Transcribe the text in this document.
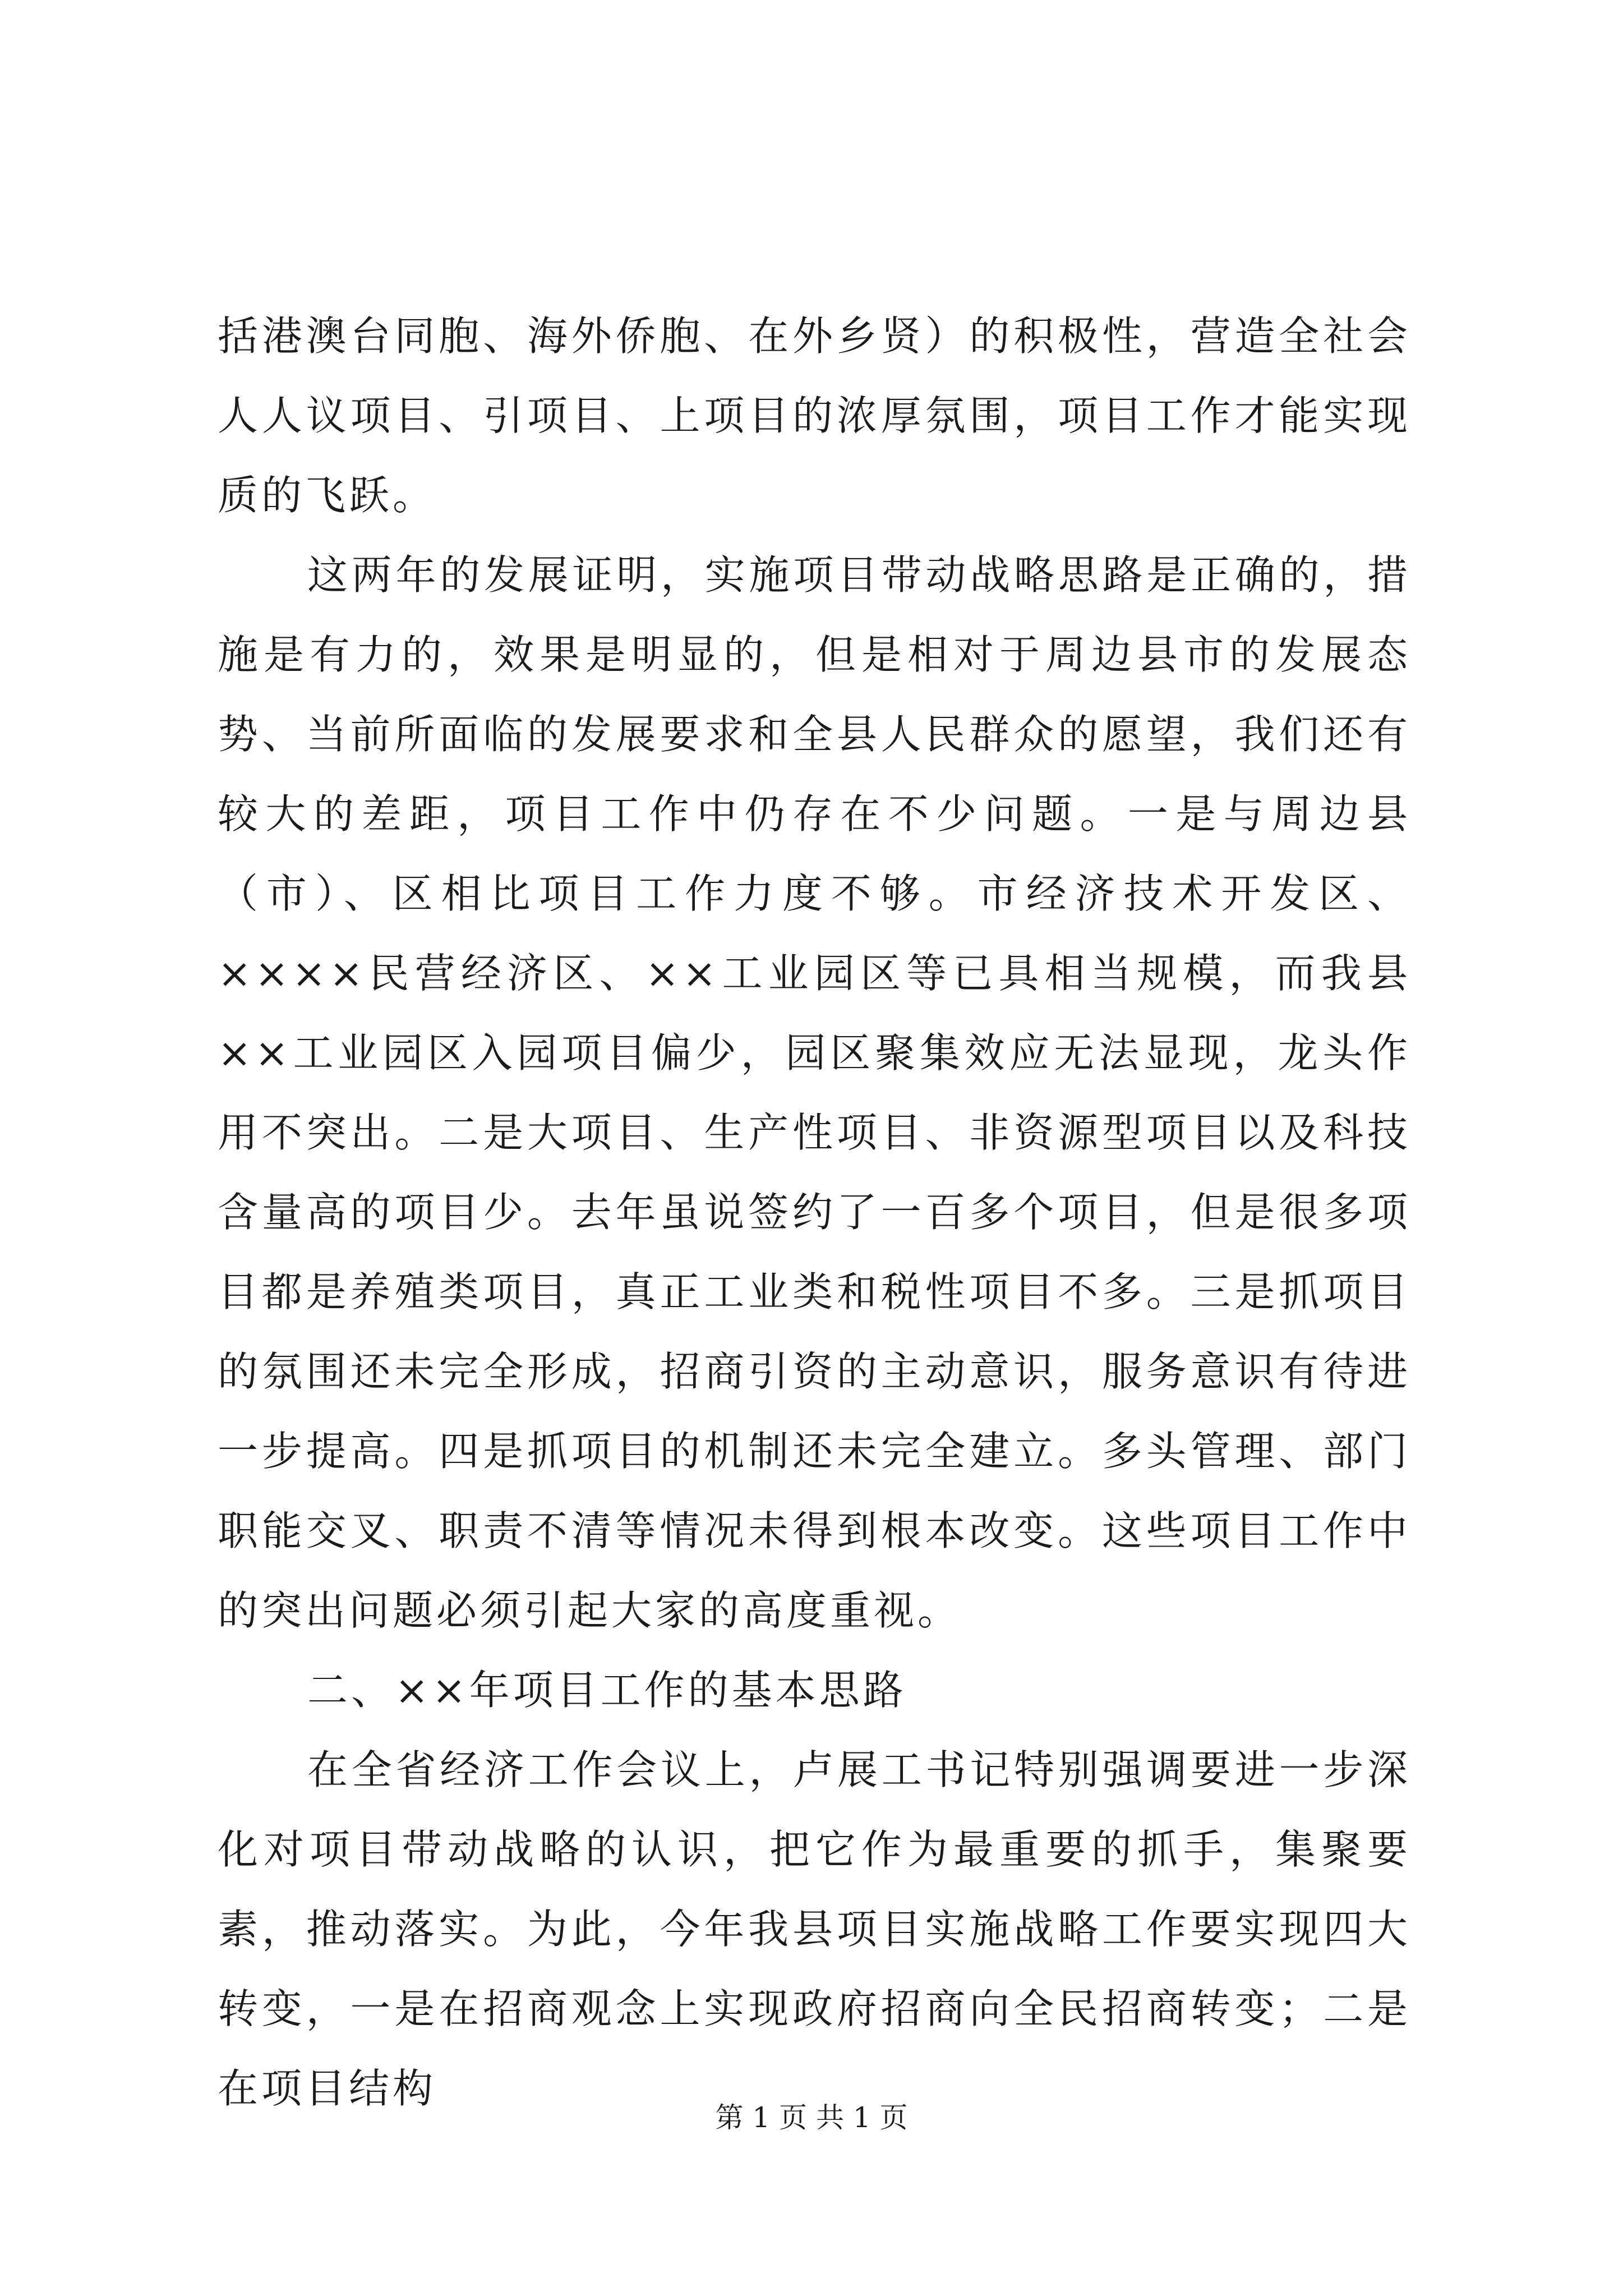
括港澳台同胞、海外侨胞、在外乡贤）的积极性，营造全社会人人议项目、引项目、上项目的浓厚氛围，项目工作才能实现质的飞跃。

这两年的发展证明，实施项目带动战略思路是正确的，措施是有力的，效果是明显的，但是相对于周边县市的发展态势、当前所面临的发展要求和全县人民群众的愿望，我们还有较大的差距，项目工作中仍存在不少问题。一是与周边县（市）、区相比项目工作力度不够。市经济技术开发区、××××民营经济区、××工业园区等已具相当规模，而我县××工业园区入园项目偏少，园区聚集效应无法显现，龙头作用不突出。二是大项目、生产性项目、非资源型项目以及科技含量高的项目少。去年虽说签约了一百多个项目，但是很多项目都是养殖类项目，真正工业类和税性项目不多。三是抓项目的氛围还未完全形成，招商引资的主动意识，服务意识有待进一步提高。四是抓项目的机制还未完全建立。多头管理、部门职能交叉、职责不清等情况未得到根本改变。这些项目工作中的突出问题必须引起大家的高度重视。

二、××年项目工作的基本思路

在全省经济工作会议上，卢展工书记特别强调要进一步深化对项目带动战略的认识，把它作为最重要的抓手，集聚要素，推动落实。为此，今年我县项目实施战略工作要实现四大转变，一是在招商观念上实现政府招商向全民招商转变；二是在项目结构

第 1 页 共 1 页
